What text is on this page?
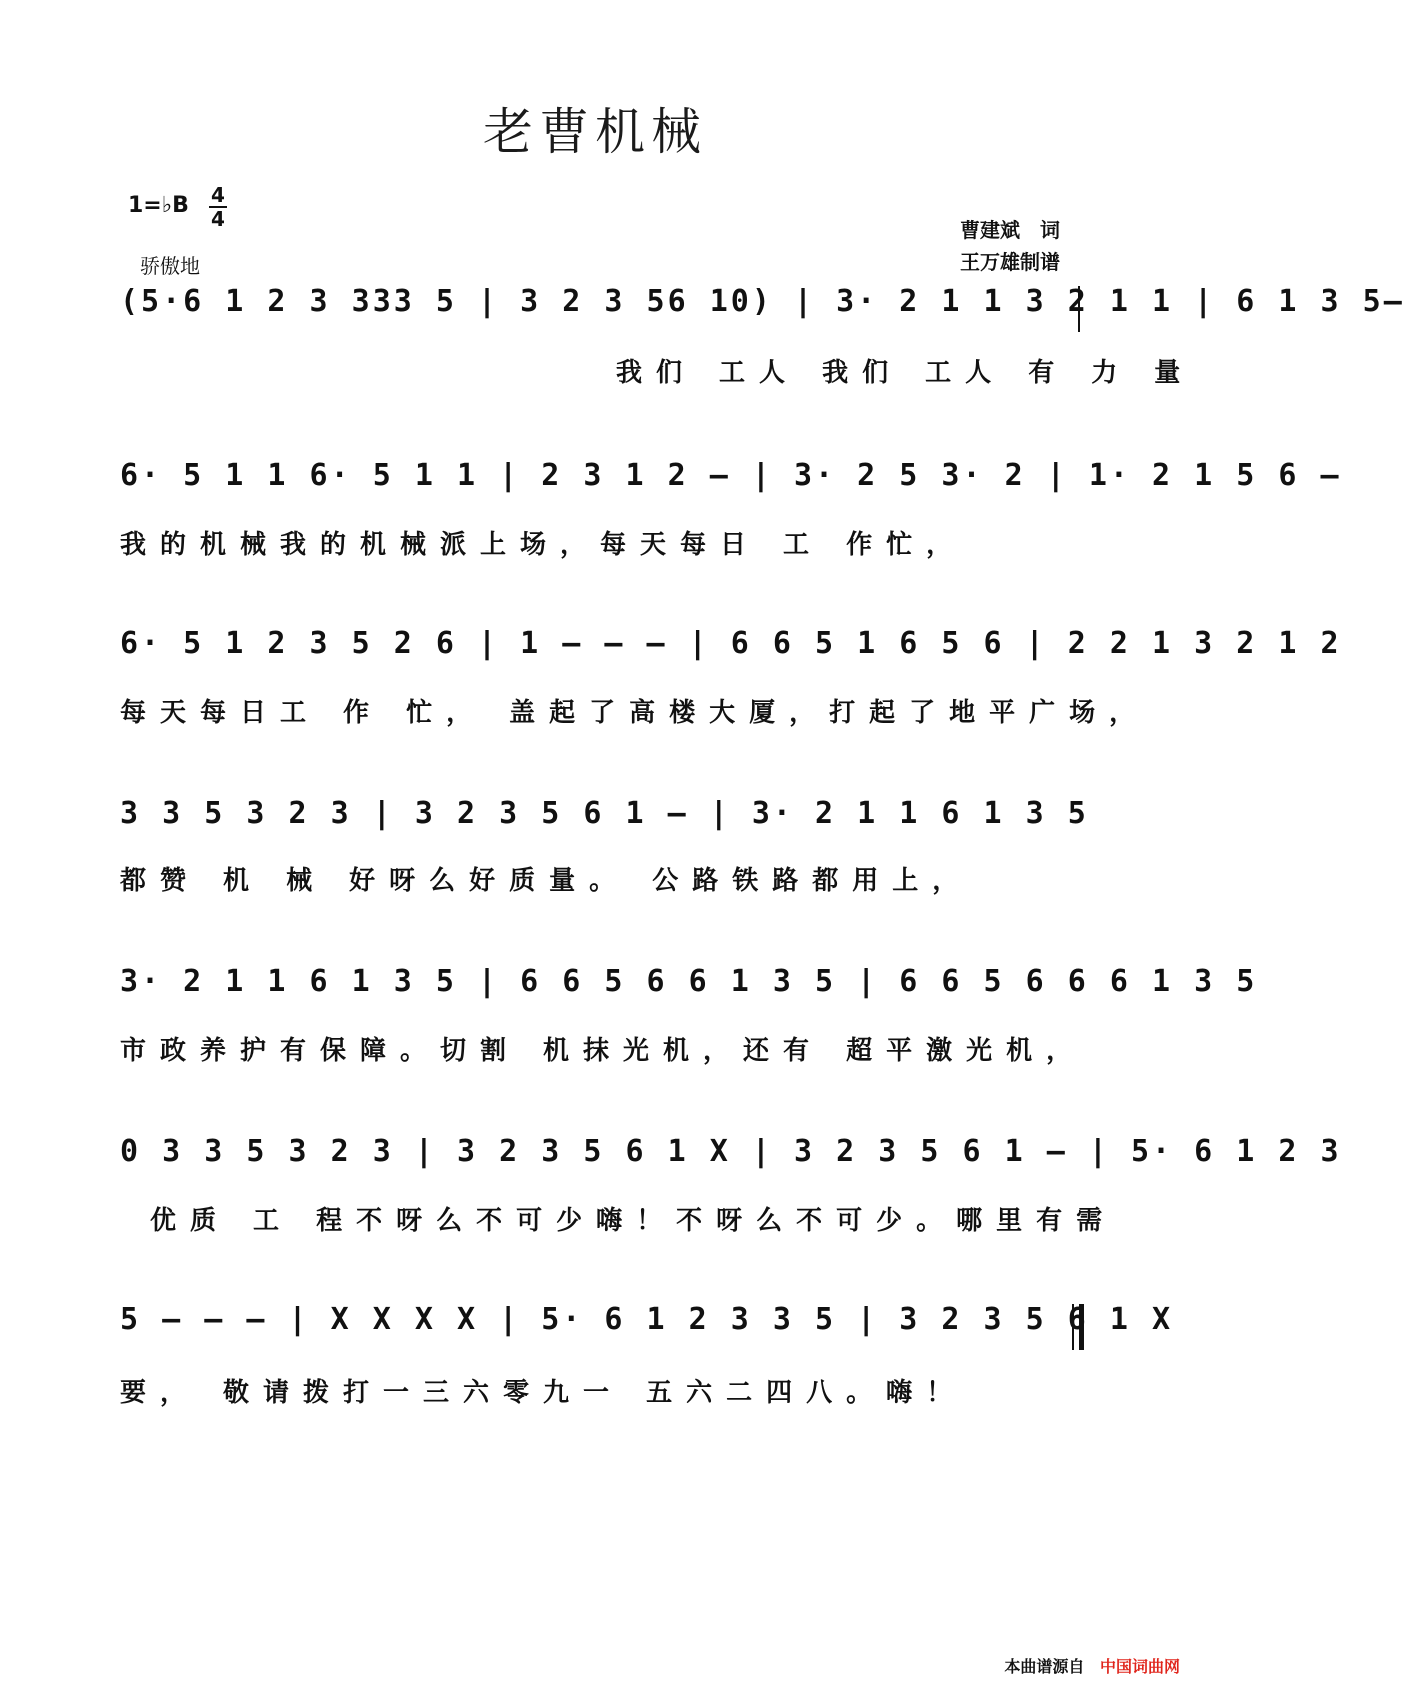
老曹机械
1=♭B 4
4
骄傲地
曹建斌　词
王万雄制谱
(5·6 1 2 3 333 5 | 3 2 3 56 10) | 3· 2 1 1 3 2 1 1 | 6 1 3 5–
我们 工人 我们 工人 有 力 量
6· 5 1 1 6· 5 1 1 | 2 3 1 2 – | 3· 2 5 3· 2 | 1· 2 1 5 6 –
我的机械我的机械派上场，每天每日 工 作忙，
6· 5 1 2 3 5 2 6 | 1 – – – | 6 6 5 1 6 5 6 | 2 2 1 3 2 1 2
每天每日工 作 忙， 盖起了高楼大厦，打起了地平广场，
3 3 5 3 2 3 | 3 2 3 5 6 1 – | 3· 2 1 1 6 1 3 5
都赞 机 械 好呀么好质量。 公路铁路都用上，
3· 2 1 1 6 1 3 5 | 6 6 5 6 6 1 3 5 | 6 6 5 6 6 6 1 3 5
市政养护有保障。切割 机抹光机，还有 超平激光机，
0 3 3 5 3 2 3 | 3 2 3 5 6 1 X | 3 2 3 5 6 1 – | 5· 6 1 2 3
优质 工 程不呀么不可少嗨！不呀么不可少。哪里有需
5 – – – | X X X X | 5· 6 1 2 3 3 5 | 3 2 3 5 6 1 X
要， 敬请拨打一三六零九一 五六二四八。嗨！
本曲谱源自 中国词曲网
